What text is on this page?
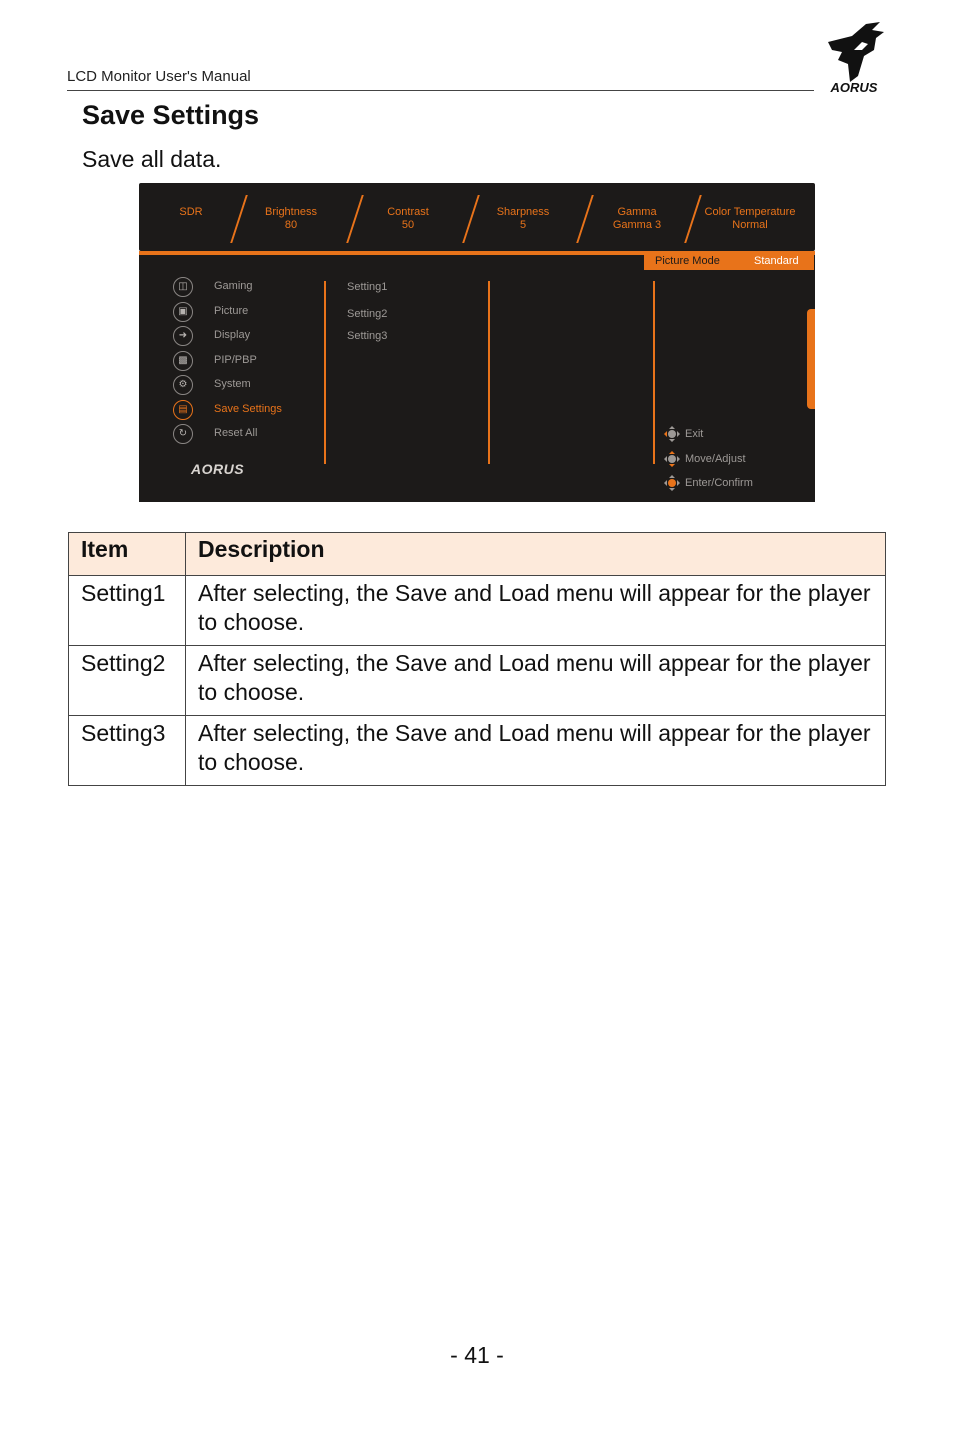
LCD Monitor User's Manual
AORUS
Save Settings
Save all data.
SDR	Brightness
80
Contrast
50
Sharpness
5
Gamma
Gamma 3
Color Temperature
Normal
Picture Mode	Standard
◫	Gaming
▣	Picture
➜	Display
▩	PIP/PBP
⚙	System
▤	Save Settings
↻	Reset All
Setting1
Setting2
Setting3
AORUS
Exit
Move/Adjust
Enter/Confirm
Item	Description
Setting1	After selecting, the Save and Load menu will appear for the player to choose.
Setting2	After selecting, the Save and Load menu will appear for the player to choose.
Setting3	After selecting, the Save and Load menu will appear for the player to choose.
- 41 -
